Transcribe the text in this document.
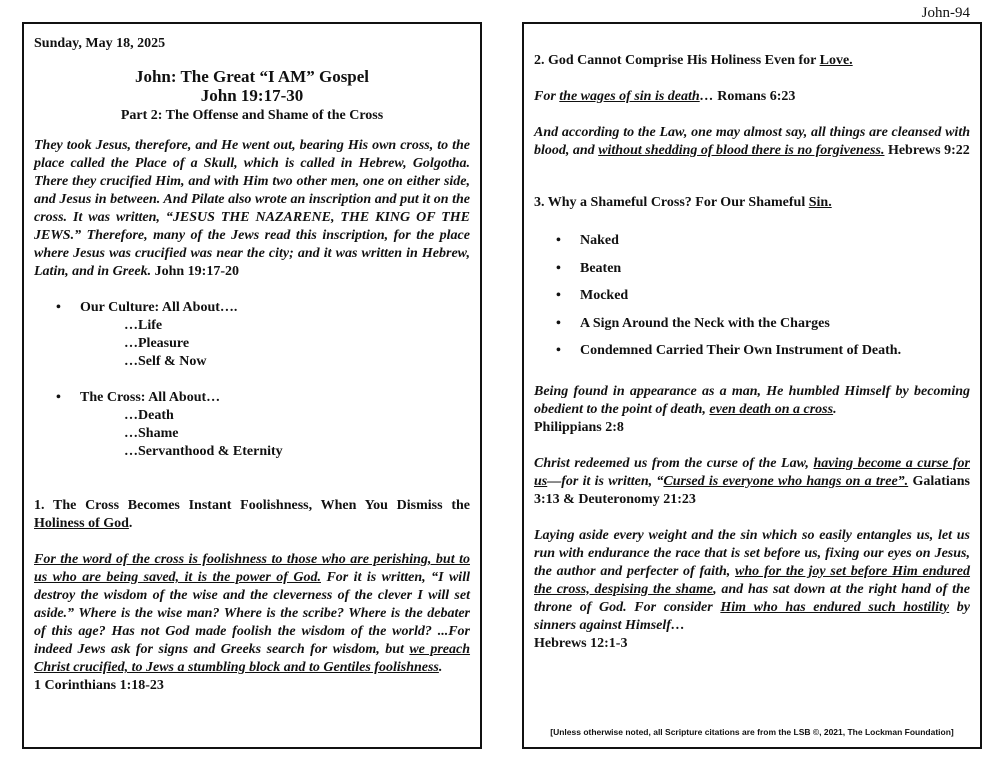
John-94
Sunday, May 18, 2025
John: The Great “I AM” Gospel
John 19:17-30
Part 2: The Offense and Shame of the Cross
They took Jesus, therefore, and He went out, bearing His own cross, to the place called the Place of a Skull, which is called in Hebrew, Golgotha. There they crucified Him, and with Him two other men, one on either side, and Jesus in between. And Pilate also wrote an inscription and put it on the cross. It was written, “JESUS THE NAZARENE, THE KING OF THE JEWS.” Therefore, many of the Jews read this inscription, for the place where Jesus was crucified was near the city; and it was written in Hebrew, Latin, and in Greek. John 19:17-20
• Our Culture: All About….
…Life
…Pleasure
…Self & Now
• The Cross: All About…
…Death
…Shame
…Servanthood & Eternity
1. The Cross Becomes Instant Foolishness, When You Dismiss the Holiness of God.
For the word of the cross is foolishness to those who are perishing, but to us who are being saved, it is the power of God. For it is written, “I will destroy the wisdom of the wise and the cleverness of the clever I will set aside.” Where is the wise man? Where is the scribe? Where is the debater of this age? Has not God made foolish the wisdom of the world? ...For indeed Jews ask for signs and Greeks search for wisdom, but we preach Christ crucified, to Jews a stumbling block and to Gentiles foolishness.
1 Corinthians 1:18-23
2. God Cannot Comprise His Holiness Even for Love.
For the wages of sin is death… Romans 6:23
And according to the Law, one may almost say, all things are cleansed with blood, and without shedding of blood there is no forgiveness. Hebrews 9:22
3. Why a Shameful Cross? For Our Shameful Sin.
• Naked
• Beaten
• Mocked
• A Sign Around the Neck with the Charges
• Condemned Carried Their Own Instrument of Death.
Being found in appearance as a man, He humbled Himself by becoming obedient to the point of death, even death on a cross.
Philippians 2:8
Christ redeemed us from the curse of the Law, having become a curse for us—for it is written, “Cursed is everyone who hangs on a tree”. Galatians 3:13 & Deuteronomy 21:23
Laying aside every weight and the sin which so easily entangles us, let us run with endurance the race that is set before us, fixing our eyes on Jesus, the author and perfecter of faith, who for the joy set before Him endured the cross, despising the shame, and has sat down at the right hand of the throne of God. For consider Him who has endured such hostility by sinners against Himself…
Hebrews 12:1-3
[Unless otherwise noted, all Scripture citations are from the LSB ©, 2021, The Lockman Foundation]
